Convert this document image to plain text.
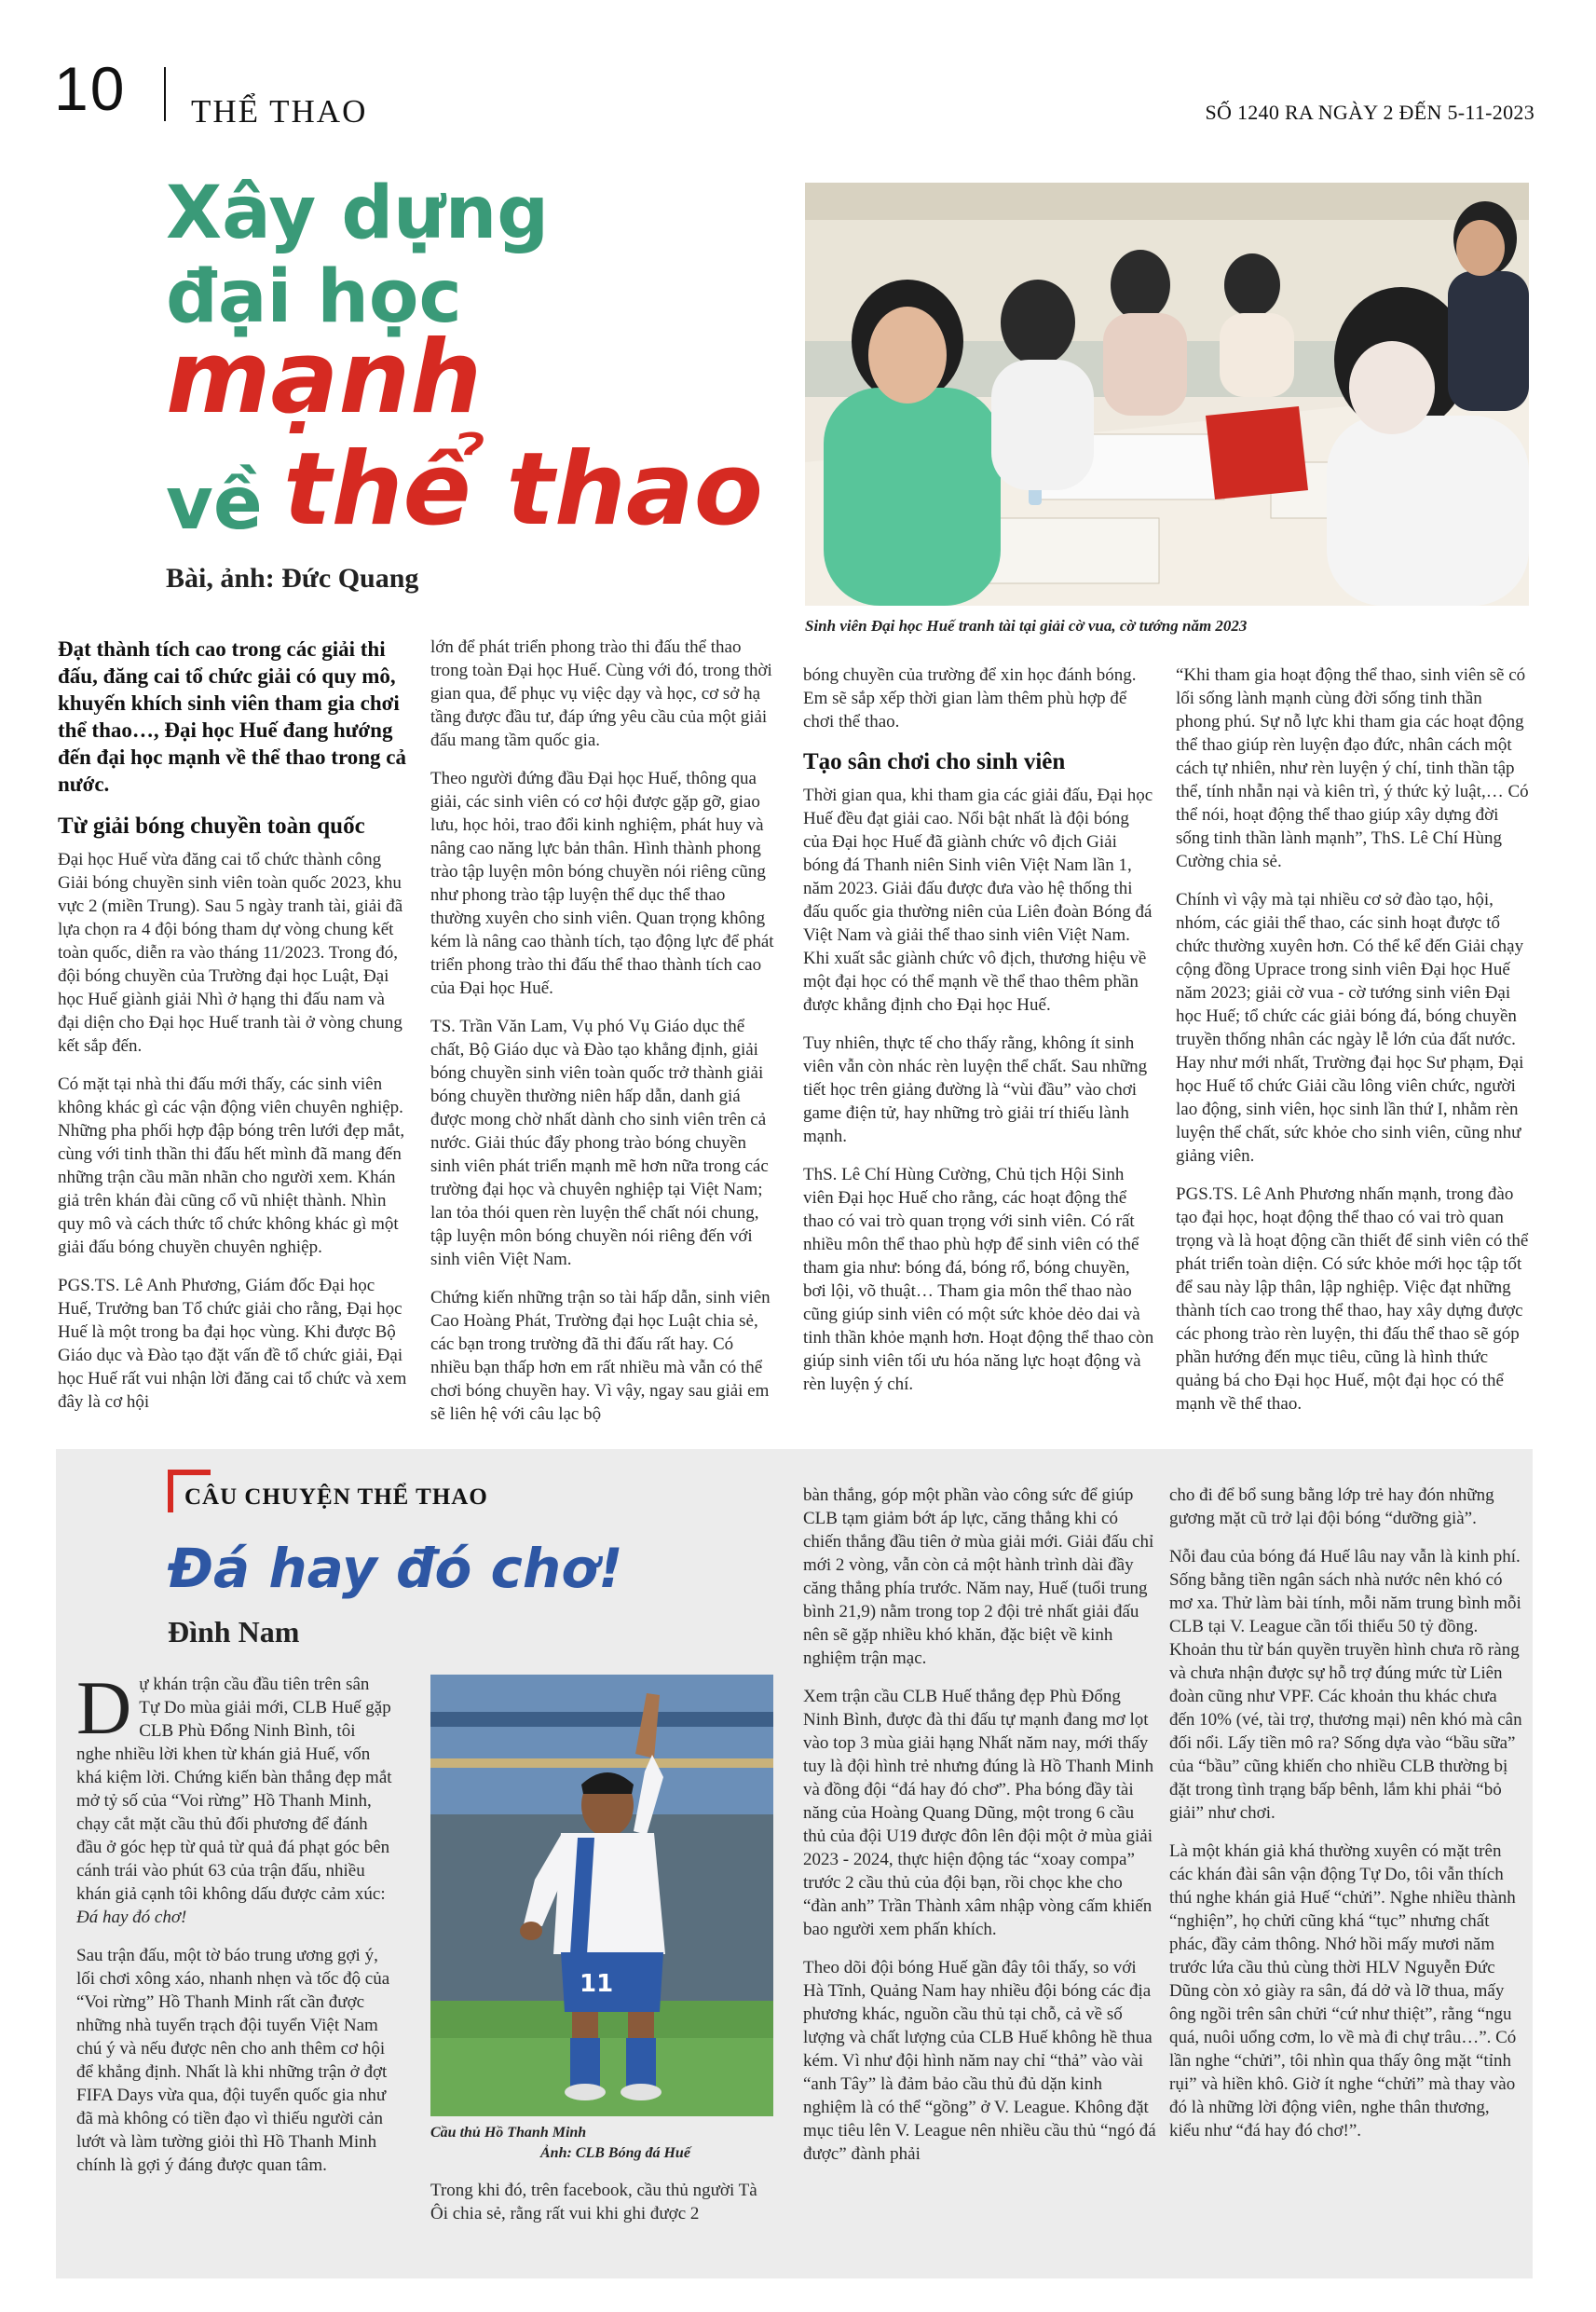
10 THỂ THAO	SỐ 1240 RA NGÀY 2 ĐẾN 5-11-2023
Xây dựng
đại học
mạnh
về thể thao
Bài, ảnh: Đức Quang
Sinh viên Đại học Huế tranh tài tại giải cờ vua, cờ tướng năm 2023

Đạt thành tích cao trong các giải thi đấu, đăng cai tổ chức giải có quy mô, khuyến khích sinh viên tham gia chơi thể thao…, Đại học Huế đang hướng đến đại học mạnh về thể thao trong cả nước.

Từ giải bóng chuyền toàn quốc

Đại học Huế vừa đăng cai tổ chức thành công Giải bóng chuyền sinh viên toàn quốc 2023, khu vực 2 (miền Trung). Sau 5 ngày tranh tài, giải đã lựa chọn ra 4 đội bóng tham dự vòng chung kết toàn quốc, diễn ra vào tháng 11/2023. Trong đó, đội bóng chuyền của Trường đại học Luật, Đại học Huế giành giải Nhì ở hạng thi đấu nam và đại diện cho Đại học Huế tranh tài ở vòng chung kết sắp đến.

Có mặt tại nhà thi đấu mới thấy, các sinh viên không khác gì các vận động viên chuyên nghiệp. Những pha phối hợp đập bóng trên lưới đẹp mắt, cùng với tinh thần thi đấu hết mình đã mang đến những trận cầu mãn nhãn cho người xem. Khán giả trên khán đài cũng cổ vũ nhiệt thành. Nhìn quy mô và cách thức tổ chức không khác gì một giải đấu bóng chuyền chuyên nghiệp.

PGS.TS. Lê Anh Phương, Giám đốc Đại học Huế, Trưởng ban Tổ chức giải cho rằng, Đại học Huế là một trong ba đại học vùng. Khi được Bộ Giáo dục và Đào tạo đặt vấn đề tổ chức giải, Đại học Huế rất vui nhận lời đăng cai tổ chức và xem đây là cơ hội

lớn để phát triển phong trào thi đấu thể thao trong toàn Đại học Huế. Cùng với đó, trong thời gian qua, để phục vụ việc dạy và học, cơ sở hạ tầng được đầu tư, đáp ứng yêu cầu của một giải đấu mang tầm quốc gia.

Theo người đứng đầu Đại học Huế, thông qua giải, các sinh viên có cơ hội được gặp gỡ, giao lưu, học hỏi, trao đổi kinh nghiệm, phát huy và nâng cao năng lực bản thân. Hình thành phong trào tập luyện môn bóng chuyền nói riêng cũng như phong trào tập luyện thể dục thể thao thường xuyên cho sinh viên. Quan trọng không kém là nâng cao thành tích, tạo động lực để phát triển phong trào thi đấu thể thao thành tích cao của Đại học Huế.

TS. Trần Văn Lam, Vụ phó Vụ Giáo dục thể chất, Bộ Giáo dục và Đào tạo khẳng định, giải bóng chuyền sinh viên toàn quốc trở thành giải bóng chuyền thường niên hấp dẫn, danh giá được mong chờ nhất dành cho sinh viên trên cả nước. Giải thúc đẩy phong trào bóng chuyền sinh viên phát triển mạnh mẽ hơn nữa trong các trường đại học và chuyên nghiệp tại Việt Nam; lan tỏa thói quen rèn luyện thể chất nói chung, tập luyện môn bóng chuyền nói riêng đến với sinh viên Việt Nam.

Chứng kiến những trận so tài hấp dẫn, sinh viên Cao Hoàng Phát, Trường đại học Luật chia sẻ, các bạn trong trường đã thi đấu rất hay. Có nhiều bạn thấp hơn em rất nhiều mà vẫn có thể chơi bóng chuyền hay. Vì vậy, ngay sau giải em sẽ liên hệ với câu lạc bộ

bóng chuyền của trường để xin học đánh bóng. Em sẽ sắp xếp thời gian làm thêm phù hợp để chơi thể thao.

Tạo sân chơi cho sinh viên

Thời gian qua, khi tham gia các giải đấu, Đại học Huế đều đạt giải cao. Nổi bật nhất là đội bóng của Đại học Huế đã giành chức vô địch Giải bóng đá Thanh niên Sinh viên Việt Nam lần 1, năm 2023. Giải đấu được đưa vào hệ thống thi đấu quốc gia thường niên của Liên đoàn Bóng đá Việt Nam và giải thể thao sinh viên Việt Nam. Khi xuất sắc giành chức vô địch, thương hiệu về một đại học có thể mạnh về thể thao thêm phần được khẳng định cho Đại học Huế.

Tuy nhiên, thực tế cho thấy rằng, không ít sinh viên vẫn còn nhác rèn luyện thể chất. Sau những tiết học trên giảng đường là “vùi đầu” vào chơi game điện tử, hay những trò giải trí thiếu lành mạnh.

ThS. Lê Chí Hùng Cường, Chủ tịch Hội Sinh viên Đại học Huế cho rằng, các hoạt động thể thao có vai trò quan trọng với sinh viên. Có rất nhiều môn thể thao phù hợp để sinh viên có thể tham gia như: bóng đá, bóng rổ, bóng chuyền, bơi lội, võ thuật… Tham gia môn thể thao nào cũng giúp sinh viên có một sức khỏe dẻo dai và tinh thần khỏe mạnh hơn. Hoạt động thể thao còn giúp sinh viên tối ưu hóa năng lực hoạt động và rèn luyện ý chí.

“Khi tham gia hoạt động thể thao, sinh viên sẽ có lối sống lành mạnh cùng đời sống tinh thần phong phú. Sự nỗ lực khi tham gia các hoạt động thể thao giúp rèn luyện đạo đức, nhân cách một cách tự nhiên, như rèn luyện ý chí, tinh thần tập thể, tính nhẫn nại và kiên trì, ý thức kỷ luật,… Có thể nói, hoạt động thể thao giúp xây dựng đời sống tinh thần lành mạnh”, ThS. Lê Chí Hùng Cường chia sẻ.

Chính vì vậy mà tại nhiều cơ sở đào tạo, hội, nhóm, các giải thể thao, các sinh hoạt được tổ chức thường xuyên hơn. Có thể kể đến Giải chạy cộng đồng Uprace trong sinh viên Đại học Huế năm 2023; giải cờ vua - cờ tướng sinh viên Đại học Huế; tổ chức các giải bóng đá, bóng chuyền truyền thống nhân các ngày lễ lớn của đất nước. Hay như mới nhất, Trường đại học Sư phạm, Đại học Huế tổ chức Giải cầu lông viên chức, người lao động, sinh viên, học sinh lần thứ I, nhằm rèn luyện thể chất, sức khỏe cho sinh viên, cũng như giảng viên.

PGS.TS. Lê Anh Phương nhấn mạnh, trong đào tạo đại học, hoạt động thể thao có vai trò quan trọng và là hoạt động cần thiết để sinh viên có thể phát triển toàn diện. Có sức khỏe mới học tập tốt để sau này lập thân, lập nghiệp. Việc đạt những thành tích cao trong thể thao, hay xây dựng được các phong trào rèn luyện, thi đấu thể thao sẽ góp phần hướng đến mục tiêu, cũng là hình thức quảng bá cho Đại học Huế, một đại học có thể mạnh về thể thao.

CÂU CHUYỆN THỂ THAO
Đá hay đó chơ!
Đình Nam

Dự khán trận cầu đầu tiên trên sân Tự Do mùa giải mới, CLB Huế gặp CLB Phù Đổng Ninh Bình, tôi nghe nhiều lời khen từ khán giả Huế, vốn khá kiệm lời. Chứng kiến bàn thắng đẹp mắt mở tỷ số của “Voi rừng” Hồ Thanh Minh, chạy cắt mặt cầu thủ đối phương để đánh đầu ở góc hẹp từ quả từ quả đá phạt góc bên cánh trái vào phút 63 của trận đấu, nhiều khán giả cạnh tôi không dấu được cảm xúc: Đá hay đó chơ!

Sau trận đấu, một tờ báo trung ương gợi ý, lối chơi xông xáo, nhanh nhẹn và tốc độ của “Voi rừng” Hồ Thanh Minh rất cần được những nhà tuyển trạch đội tuyển Việt Nam chú ý và nếu được nên cho anh thêm cơ hội để khẳng định. Nhất là khi những trận ở đợt FIFA Days vừa qua, đội tuyển quốc gia như đã mà không có tiền đạo vì thiếu người cản lướt và làm tường giỏi thì Hồ Thanh Minh chính là gợi ý đáng được quan tâm.

11
Cầu thủ Hồ Thanh Minh
Ảnh: CLB Bóng đá Huế

Trong khi đó, trên facebook, cầu thủ người Tà Ôi chia sẻ, rằng rất vui khi ghi được 2

bàn thắng, góp một phần vào công sức để giúp CLB tạm giảm bớt áp lực, căng thẳng khi có chiến thắng đầu tiên ở mùa giải mới. Giải đấu chỉ mới 2 vòng, vẫn còn cả một hành trình dài đầy căng thẳng phía trước. Năm nay, Huế (tuổi trung bình 21,9) nằm trong top 2 đội trẻ nhất giải đấu nên sẽ gặp nhiều khó khăn, đặc biệt về kinh nghiệm trận mạc.

Xem trận cầu CLB Huế thắng đẹp Phù Đổng Ninh Bình, được đà thi đấu tự mạnh đang mơ lọt vào top 3 mùa giải hạng Nhất năm nay, mới thấy tuy là đội hình trẻ nhưng đúng là Hồ Thanh Minh và đồng đội “đá hay đó chơ”. Pha bóng đầy tài năng của Hoàng Quang Dũng, một trong 6 cầu thủ của đội U19 được đôn lên đội một ở mùa giải 2023 - 2024, thực hiện động tác “xoay compa” trước 2 cầu thủ của đội bạn, rồi chọc khe cho “đàn anh” Trần Thành xâm nhập vòng cấm khiến bao người xem phấn khích.

Theo dõi đội bóng Huế gần đây tôi thấy, so với Hà Tĩnh, Quảng Nam hay nhiều đội bóng các địa phương khác, nguồn cầu thủ tại chỗ, cả về số lượng và chất lượng của CLB Huế không hề thua kém. Vì như đội hình năm nay chỉ “thả” vào vài “anh Tây” là đảm bảo cầu thủ đủ dặn kinh nghiệm là có thể “gồng” ở V. League. Không đặt mục tiêu lên V. League nên nhiều cầu thủ “ngó đá được” đành phải

cho đi để bổ sung bằng lớp trẻ hay đón những gương mặt cũ trở lại đội bóng “dưỡng già”.

Nỗi đau của bóng đá Huế lâu nay vẫn là kinh phí. Sống bằng tiền ngân sách nhà nước nên khó có mơ xa. Thử làm bài tính, mỗi năm trung bình mỗi CLB tại V. League cần tối thiểu 50 tỷ đồng. Khoản thu từ bán quyền truyền hình chưa rõ ràng và chưa nhận được sự hỗ trợ đúng mức từ Liên đoàn cũng như VPF. Các khoản thu khác chưa đến 10% (vé, tài trợ, thương mại) nên khó mà cân đối nổi. Lấy tiền mô ra? Sống dựa vào “bầu sữa” của “bầu” cũng khiến cho nhiều CLB thường bị đặt trong tình trạng bấp bênh, lắm khi phải “bỏ giải” như chơi.

Là một khán giả khá thường xuyên có mặt trên các khán đài sân vận động Tự Do, tôi vẫn thích thú nghe khán giả Huế “chửi”. Nghe nhiều thành “nghiện”, họ chửi cũng khá “tục” nhưng chất phác, đầy cảm thông. Nhớ hồi mấy mươi năm trước lứa cầu thủ cùng thời HLV Nguyễn Đức Dũng còn xỏ giày ra sân, đá dở và lỡ thua, mấy ông ngồi trên sân chửi “cứ như thiệt”, rằng “ngu quá, nuôi uổng cơm, lo về mà đi chự trâu…”. Có lần nghe “chửi”, tôi nhìn qua thấy ông mặt “tỉnh rụi” và hiền khô. Giờ ít nghe “chửi” mà thay vào đó là những lời động viên, nghe thân thương, kiểu như “đá hay đó chơ!”.
